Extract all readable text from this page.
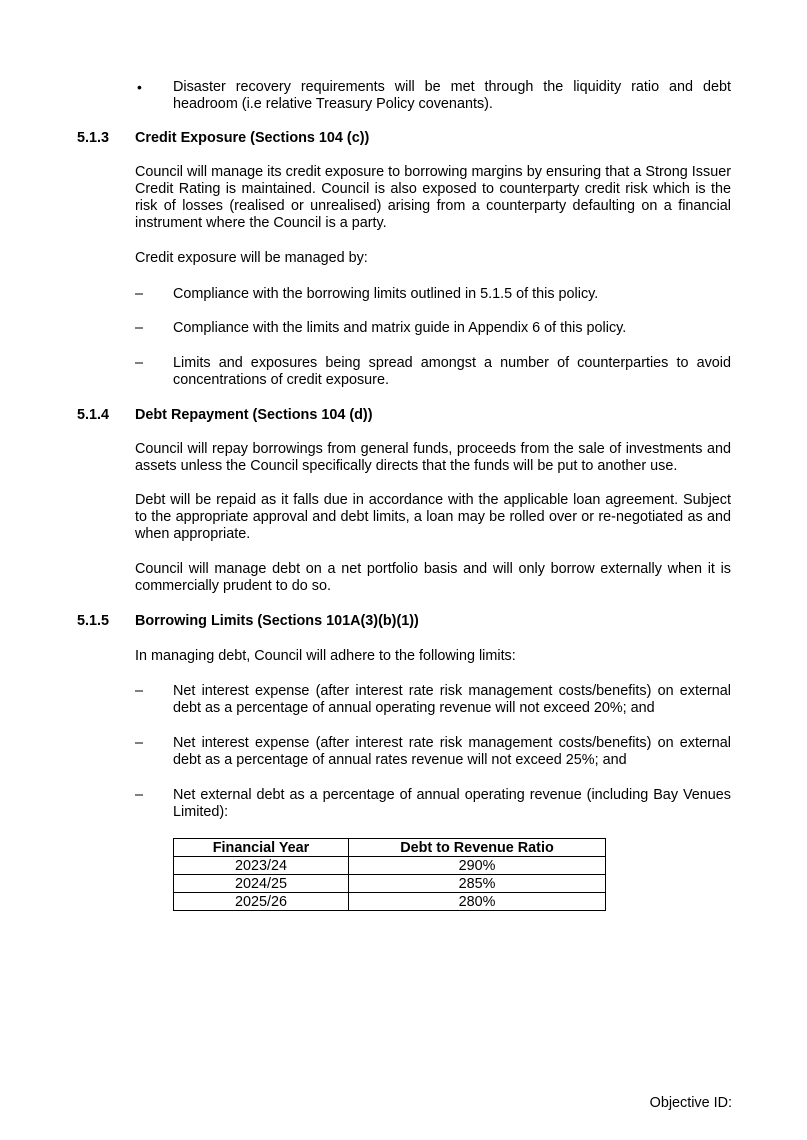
• Disaster recovery requirements will be met through the liquidity ratio and debt headroom (i.e relative Treasury Policy covenants).
5.1.3 Credit Exposure (Sections 104 (c))
Council will manage its credit exposure to borrowing margins by ensuring that a Strong Issuer Credit Rating is maintained. Council is also exposed to counterparty credit risk which is the risk of losses (realised or unrealised) arising from a counterparty defaulting on a financial instrument where the Council is a party.
Credit exposure will be managed by:
– Compliance with the borrowing limits outlined in 5.1.5 of this policy.
– Compliance with the limits and matrix guide in Appendix 6 of this policy.
– Limits and exposures being spread amongst a number of counterparties to avoid concentrations of credit exposure.
5.1.4 Debt Repayment (Sections 104 (d))
Council will repay borrowings from general funds, proceeds from the sale of investments and assets unless the Council specifically directs that the funds will be put to another use.
Debt will be repaid as it falls due in accordance with the applicable loan agreement. Subject to the appropriate approval and debt limits, a loan may be rolled over or re-negotiated as and when appropriate.
Council will manage debt on a net portfolio basis and will only borrow externally when it is commercially prudent to do so.
5.1.5 Borrowing Limits (Sections 101A(3)(b)(1))
In managing debt, Council will adhere to the following limits:
– Net interest expense (after interest rate risk management costs/benefits) on external debt as a percentage of annual operating revenue will not exceed 20%; and
– Net interest expense (after interest rate risk management costs/benefits) on external debt as a percentage of annual rates revenue will not exceed 25%; and
– Net external debt as a percentage of annual operating revenue (including Bay Venues Limited):
Financial Year	Debt to Revenue Ratio
2023/24	290%
2024/25	285%
2025/26	280%
Objective ID:
